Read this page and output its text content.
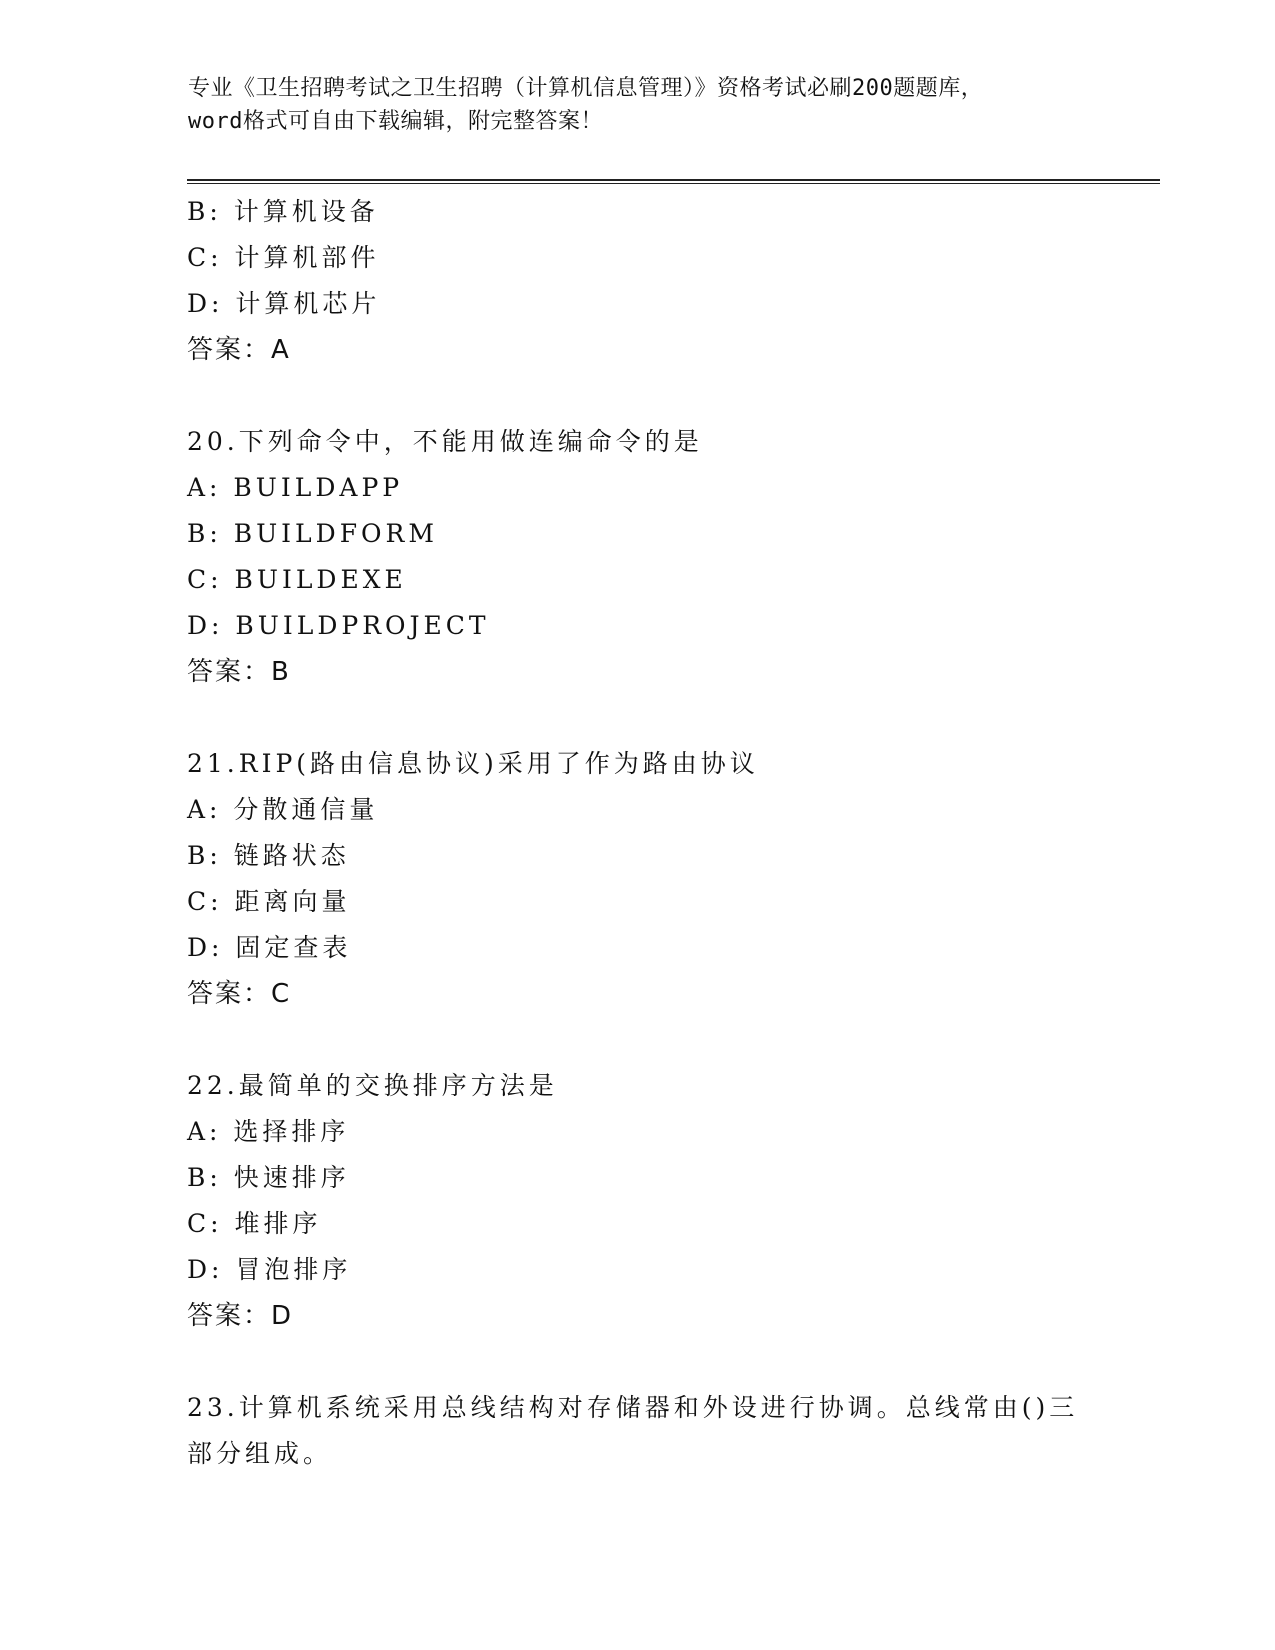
专业《卫生招聘考试之卫生招聘（计算机信息管理）》资格考试必刷200题题库，
word格式可自由下载编辑，附完整答案！
B: 计算机设备
C: 计算机部件
D: 计算机芯片
答案：A
20.下列命令中，不能用做连编命令的是
A: BUILDAPP
B: BUILDFORM
C: BUILDEXE
D: BUILDPROJECT
答案：B
21.RIP(路由信息协议)采用了作为路由协议
A: 分散通信量
B: 链路状态
C: 距离向量
D: 固定查表
答案：C
22.最简单的交换排序方法是
A: 选择排序
B: 快速排序
C: 堆排序
D: 冒泡排序
答案：D
23.计算机系统采用总线结构对存储器和外设进行协调。总线常由()三
部分组成。
